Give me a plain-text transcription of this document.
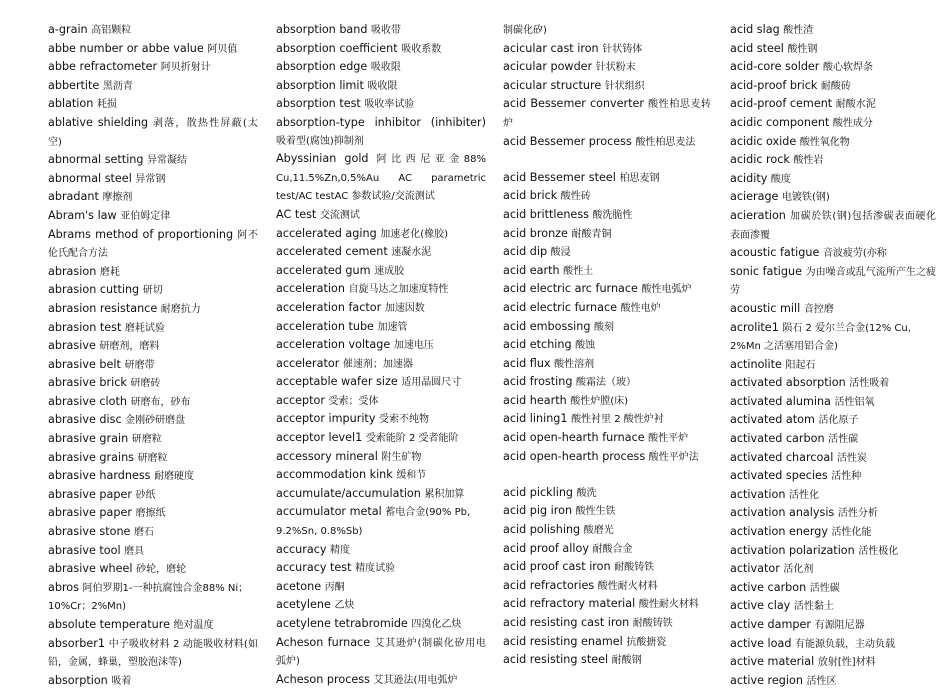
a-grain 高铝颗粒

abbe number or abbe value 阿贝值

abbe refractometer 阿贝折射计

abbertite 黑沥青

ablation 耗损

ablative shielding 剥落，散热性屏蔽(太空)

abnormal setting 异常凝结

abnormal steel 异常钢

abradant 摩擦剂

Abram's law 亚伯姆定律

Abrams method of proportioning 阿不伦氏配合方法

abrasion 磨耗

abrasion cutting 研切

abrasion resistance 耐磨抗力

abrasion test 磨耗试验

abrasive 研磨剂，磨料

abrasive belt 研磨带

abrasive brick 研磨砖

abrasive cloth 研磨布，砂布

abrasive disc 金刚砂研磨盘

abrasive grain 研磨粒

abrasive grains 研磨粒

abrasive hardness 耐磨硬度

abrasive paper 砂纸

abrasive paper 磨擦纸

abrasive stone 磨石

abrasive tool 磨具

abrasive wheel 砂轮，磨轮

abros 阿伯罗期1-一种抗腐蚀合金88% Ni；10%Cr；2%Mn)

absolute temperature 绝对温度

absorber1 中子吸收材料 2 动能吸收材料(如铅，金属，蜂巢，塑胶泡沫等)

absorption 吸着

absorption band 吸收带

absorption coefficient 吸收系数

absorption edge 吸收限

absorption limit 吸收限

absorption test 吸收率试验

absorption-type inhibitor (inhibiter) 吸着型(腐蚀)抑制剂

Abyssinian gold 阿比西尼亚金88% Cu,11.5%Zn,0.5%Au AC parametric test/AC testAC 参数试验/交流测试

AC test 交流测试

accelerated aging 加速老化(橡胶)

accelerated cement 速凝水泥

accelerated gum 速成胶

acceleration 自旋马达之加速度特性

acceleration factor 加速因数

acceleration tube 加速管

acceleration voltage 加速电压

accelerator 催速剂；加速器

acceptable wafer size 适用晶圆尺寸

acceptor 受索；受体

acceptor impurity 受索不纯物

acceptor level1 受索能阶 2 受者能阶

accessory mineral 附生矿物

accommodation kink 缓和节

accumulate/accumulation 累积加算

accumulator metal 蓄电合金(90% Pb, 9.2%Sn, 0.8%Sb)

accuracy 精度

accuracy test 精度试验

acetone 丙酮

acetylene 乙炔

acetylene tetrabromide 四溴化乙炔

Acheson furnace 艾其逊炉(制碳化矽用电弧炉)

Acheson process 艾其逊法(用电弧炉

制碳化矽)

acicular cast iron 针状铸体

acicular powder 针状粉末

acicular structure 针状组织

acid Bessemer converter 酸性柏思麦转炉

acid Bessemer process 酸性柏思麦法

acid Bessemer steel 柏思麦钢

acid brick 酸性砖

acid brittleness 酸洗脆性

acid bronze 耐酸青铜

acid dip 酸浸

acid earth 酸性土

acid electric arc furnace 酸性电弧炉

acid electric furnace 酸性电炉

acid embossing 酸刻

acid etching 酸蚀

acid flux 酸性溶剂

acid frosting 酸霜法（玻）

acid hearth 酸性炉膛(床)

acid lining1 酸性衬里 2 酸性炉衬

acid open-hearth furnace 酸性平炉

acid open-hearth process 酸性平炉法

acid pickling 酸洗

acid pig iron 酸性生铁

acid polishing 酸磨光

acid proof alloy 耐酸合金

acid proof cast iron 耐酸铸铁

acid refractories 酸性耐火材料

acid refractory material 酸性耐火材料

acid resisting cast iron 耐酸铸铁

acid resisting enamel 抗酸搪瓷

acid resisting steel 耐酸钢

acid slag 酸性渣

acid steel 酸性钢

acid-core solder 酸心软焊条

acid-proof brick 耐酸砖

acid-proof cement 耐酸水泥

acidic component 酸性成分

acidic oxide 酸性氧化物

acidic rock 酸性岩

acidity 酸度

acierage 电镀铁(钢)

acieration 加碳於铁(钢)包括渗碳表面硬化表面渗覆

acoustic fatigue 音波疲劳(亦称

sonic fatigue 为由噪音或乱气流所产生之疲劳

acoustic mill 音控磨

acrolite1 陨石 2 爱尔兰合金(12% Cu, 2%Mn 之活塞用铝合金)

actinolite 阳起石

activated absorption 活性吸着

activated alumina 活性铝氧

activated atom 活化原子

activated carbon 活性碳

activated charcoal 活性炭

activated species 活性种

activation 活性化

activation analysis 活性分析

activation energy 活性化能

activation polarization 活性极化

activator 活化剂

active carbon 活性碳

active clay 活性黏土

active damper 有源阻尼器

active load 有能源负载，主动负载

active material 放射[性]材料

active region 活性区
